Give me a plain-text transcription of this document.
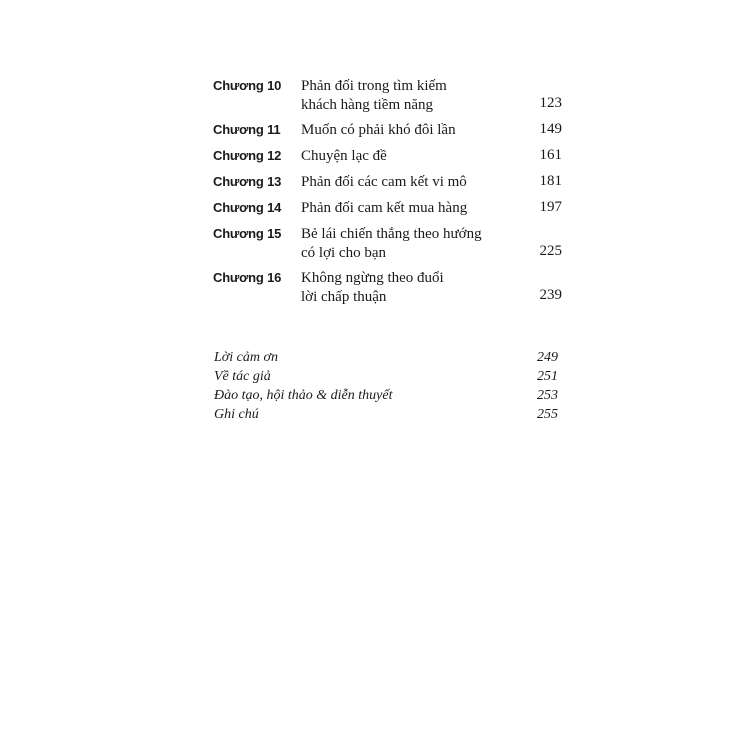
Chương 10 Phản đối trong tìm kiếm
khách hàng tiềm năng	123
Chương 11 Muốn có phải khó đôi lần	149
Chương 12 Chuyện lạc đề	161
Chương 13 Phản đối các cam kết vi mô	181
Chương 14 Phản đối cam kết mua hàng	197
Chương 15 Bẻ lái chiến thắng theo hướng
có lợi cho bạn	225
Chương 16 Không ngừng theo đuổi
lời chấp thuận	239
Lời cảm ơn	249
Về tác giả	251
Đào tạo, hội thảo & diễn thuyết	253
Ghi chú	255
